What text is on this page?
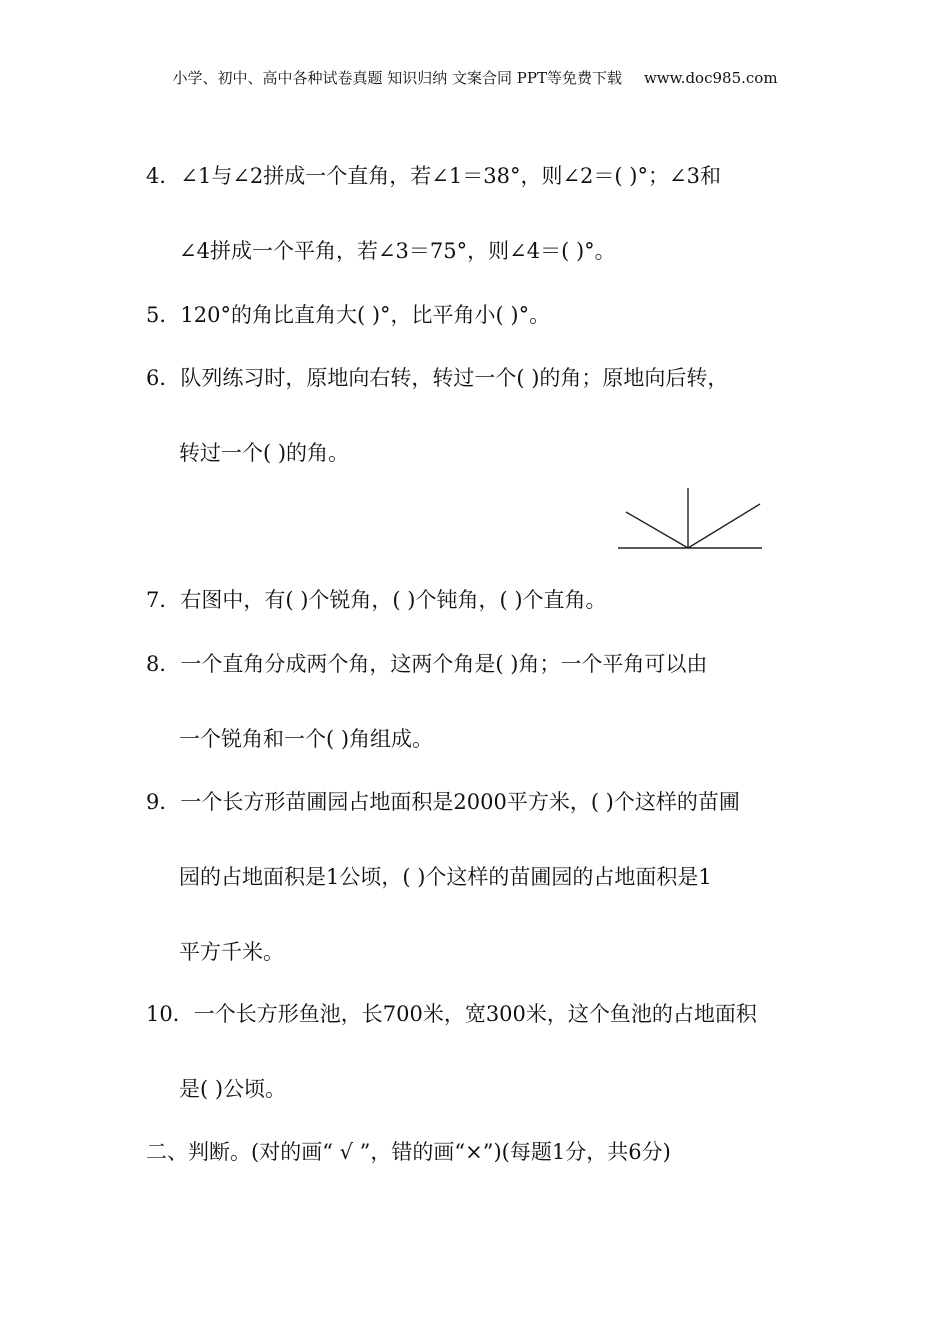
小学、初中、高中各种试卷真题 知识归纳 文案合同 PPT等免费下载 www.doc985.com
4．∠1与∠2拼成一个直角，若∠1＝38°，则∠2＝( )°；∠3和
∠4拼成一个平角，若∠3＝75°，则∠4＝( )°。
5．120°的角比直角大( )°，比平角小( )°。
6．队列练习时，原地向右转，转过一个( )的角；原地向后转，
转过一个( )的角。
7．右图中，有( )个锐角，( )个钝角，( )个直角。
8．一个直角分成两个角，这两个角是( )角；一个平角可以由
一个锐角和一个( )角组成。
9．一个长方形苗圃园占地面积是2000平方米，( )个这样的苗圃
园的占地面积是1公顷，( )个这样的苗圃园的占地面积是1
平方千米。
10．一个长方形鱼池，长700米，宽300米，这个鱼池的占地面积
是( )公顷。
二、判断。(对的画“ √ ”，错的画“×”)(每题1分，共6分)
